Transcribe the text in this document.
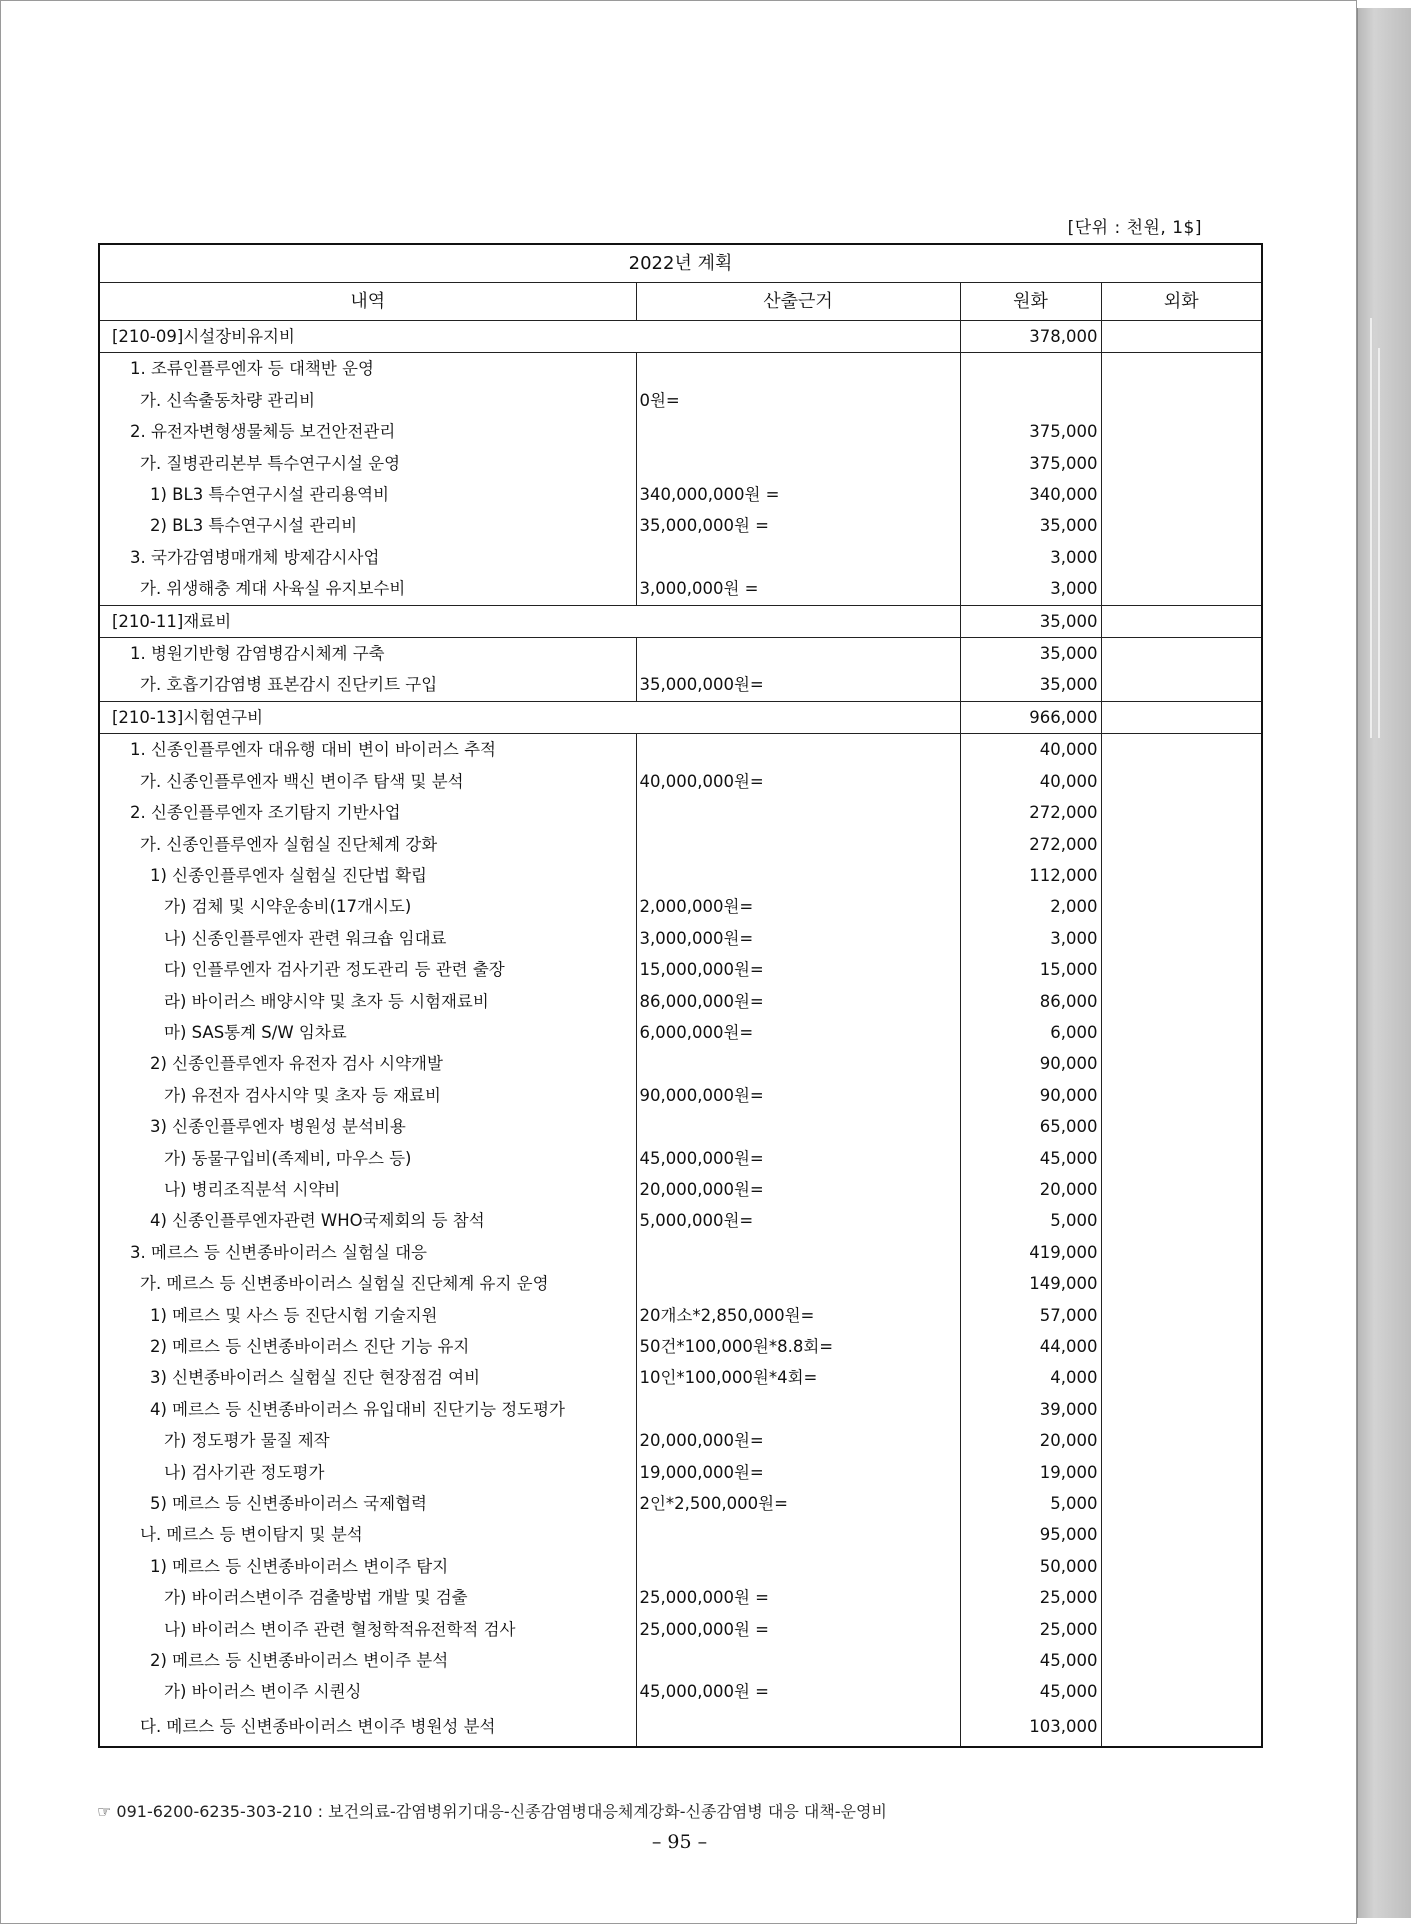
[단위 : 천원, 1$]
2022년 계획			
내역	산출근거	원화	외화
[210-09]시설장비유지비		378,000	
1. 조류인플루엔자 등 대책반 운영			
가. 신속출동차량 관리비	0원=		
2. 유전자변형생물체등 보건안전관리		375,000	
가. 질병관리본부 특수연구시설 운영		375,000	
1) BL3 특수연구시설 관리용역비	340,000,000원 =	340,000	
2) BL3 특수연구시설 관리비	35,000,000원 =	35,000	
3. 국가감염병매개체 방제감시사업		3,000	
가. 위생해충 계대 사육실 유지보수비	3,000,000원 =	3,000	
[210-11]재료비		35,000	
1. 병원기반형 감염병감시체계 구축		35,000	
가. 호흡기감염병 표본감시 진단키트 구입	35,000,000원=	35,000	
[210-13]시험연구비		966,000	
1. 신종인플루엔자 대유행 대비 변이 바이러스 추적		40,000	
가. 신종인플루엔자 백신 변이주 탐색 및 분석	40,000,000원=	40,000	
2. 신종인플루엔자 조기탐지 기반사업		272,000	
가. 신종인플루엔자 실험실 진단체계 강화		272,000	
1) 신종인플루엔자 실험실 진단법 확립		112,000	
가) 검체 및 시약운송비(17개시도)	2,000,000원=	2,000	
나) 신종인플루엔자 관련 워크숍 임대료	3,000,000원=	3,000	
다) 인플루엔자 검사기관 정도관리 등 관련 출장	15,000,000원=	15,000	
라) 바이러스 배양시약 및 초자 등 시험재료비	86,000,000원=	86,000	
마) SAS통계 S/W 임차료	6,000,000원=	6,000	
2) 신종인플루엔자 유전자 검사 시약개발		90,000	
가) 유전자 검사시약 및 초자 등 재료비	90,000,000원=	90,000	
3) 신종인플루엔자 병원성 분석비용		65,000	
가) 동물구입비(족제비, 마우스 등)	45,000,000원=	45,000	
나) 병리조직분석 시약비	20,000,000원=	20,000	
4) 신종인플루엔자관련 WHO국제회의 등 참석	5,000,000원=	5,000	
3. 메르스 등 신변종바이러스 실험실 대응		419,000	
가. 메르스 등 신변종바이러스 실험실 진단체계 유지 운영		149,000	
1) 메르스 및 사스 등 진단시험 기술지원	20개소*2,850,000원=	57,000	
2) 메르스 등 신변종바이러스 진단 기능 유지	50건*100,000원*8.8회=	44,000	
3) 신변종바이러스 실험실 진단 현장점검 여비	10인*100,000원*4회=	4,000	
4) 메르스 등 신변종바이러스 유입대비 진단기능 정도평가		39,000	
가) 정도평가 물질 제작	20,000,000원=	20,000	
나) 검사기관 정도평가	19,000,000원=	19,000	
5) 메르스 등 신변종바이러스 국제협력	2인*2,500,000원=	5,000	
나. 메르스 등 변이탐지 및 분석		95,000	
1) 메르스 등 신변종바이러스 변이주 탐지		50,000	
가) 바이러스변이주 검출방법 개발 및 검출	25,000,000원 =	25,000	
나) 바이러스 변이주 관련 혈청학적유전학적 검사	25,000,000원 =	25,000	
2) 메르스 등 신변종바이러스 변이주 분석		45,000	
가) 바이러스 변이주 시퀀싱	45,000,000원 =	45,000	
다. 메르스 등 신변종바이러스 변이주 병원성 분석		103,000	
☞ 091-6200-6235-303-210 : 보건의료-감염병위기대응-신종감염병대응체계강화-신종감염병 대응 대책-운영비
– 95 –
